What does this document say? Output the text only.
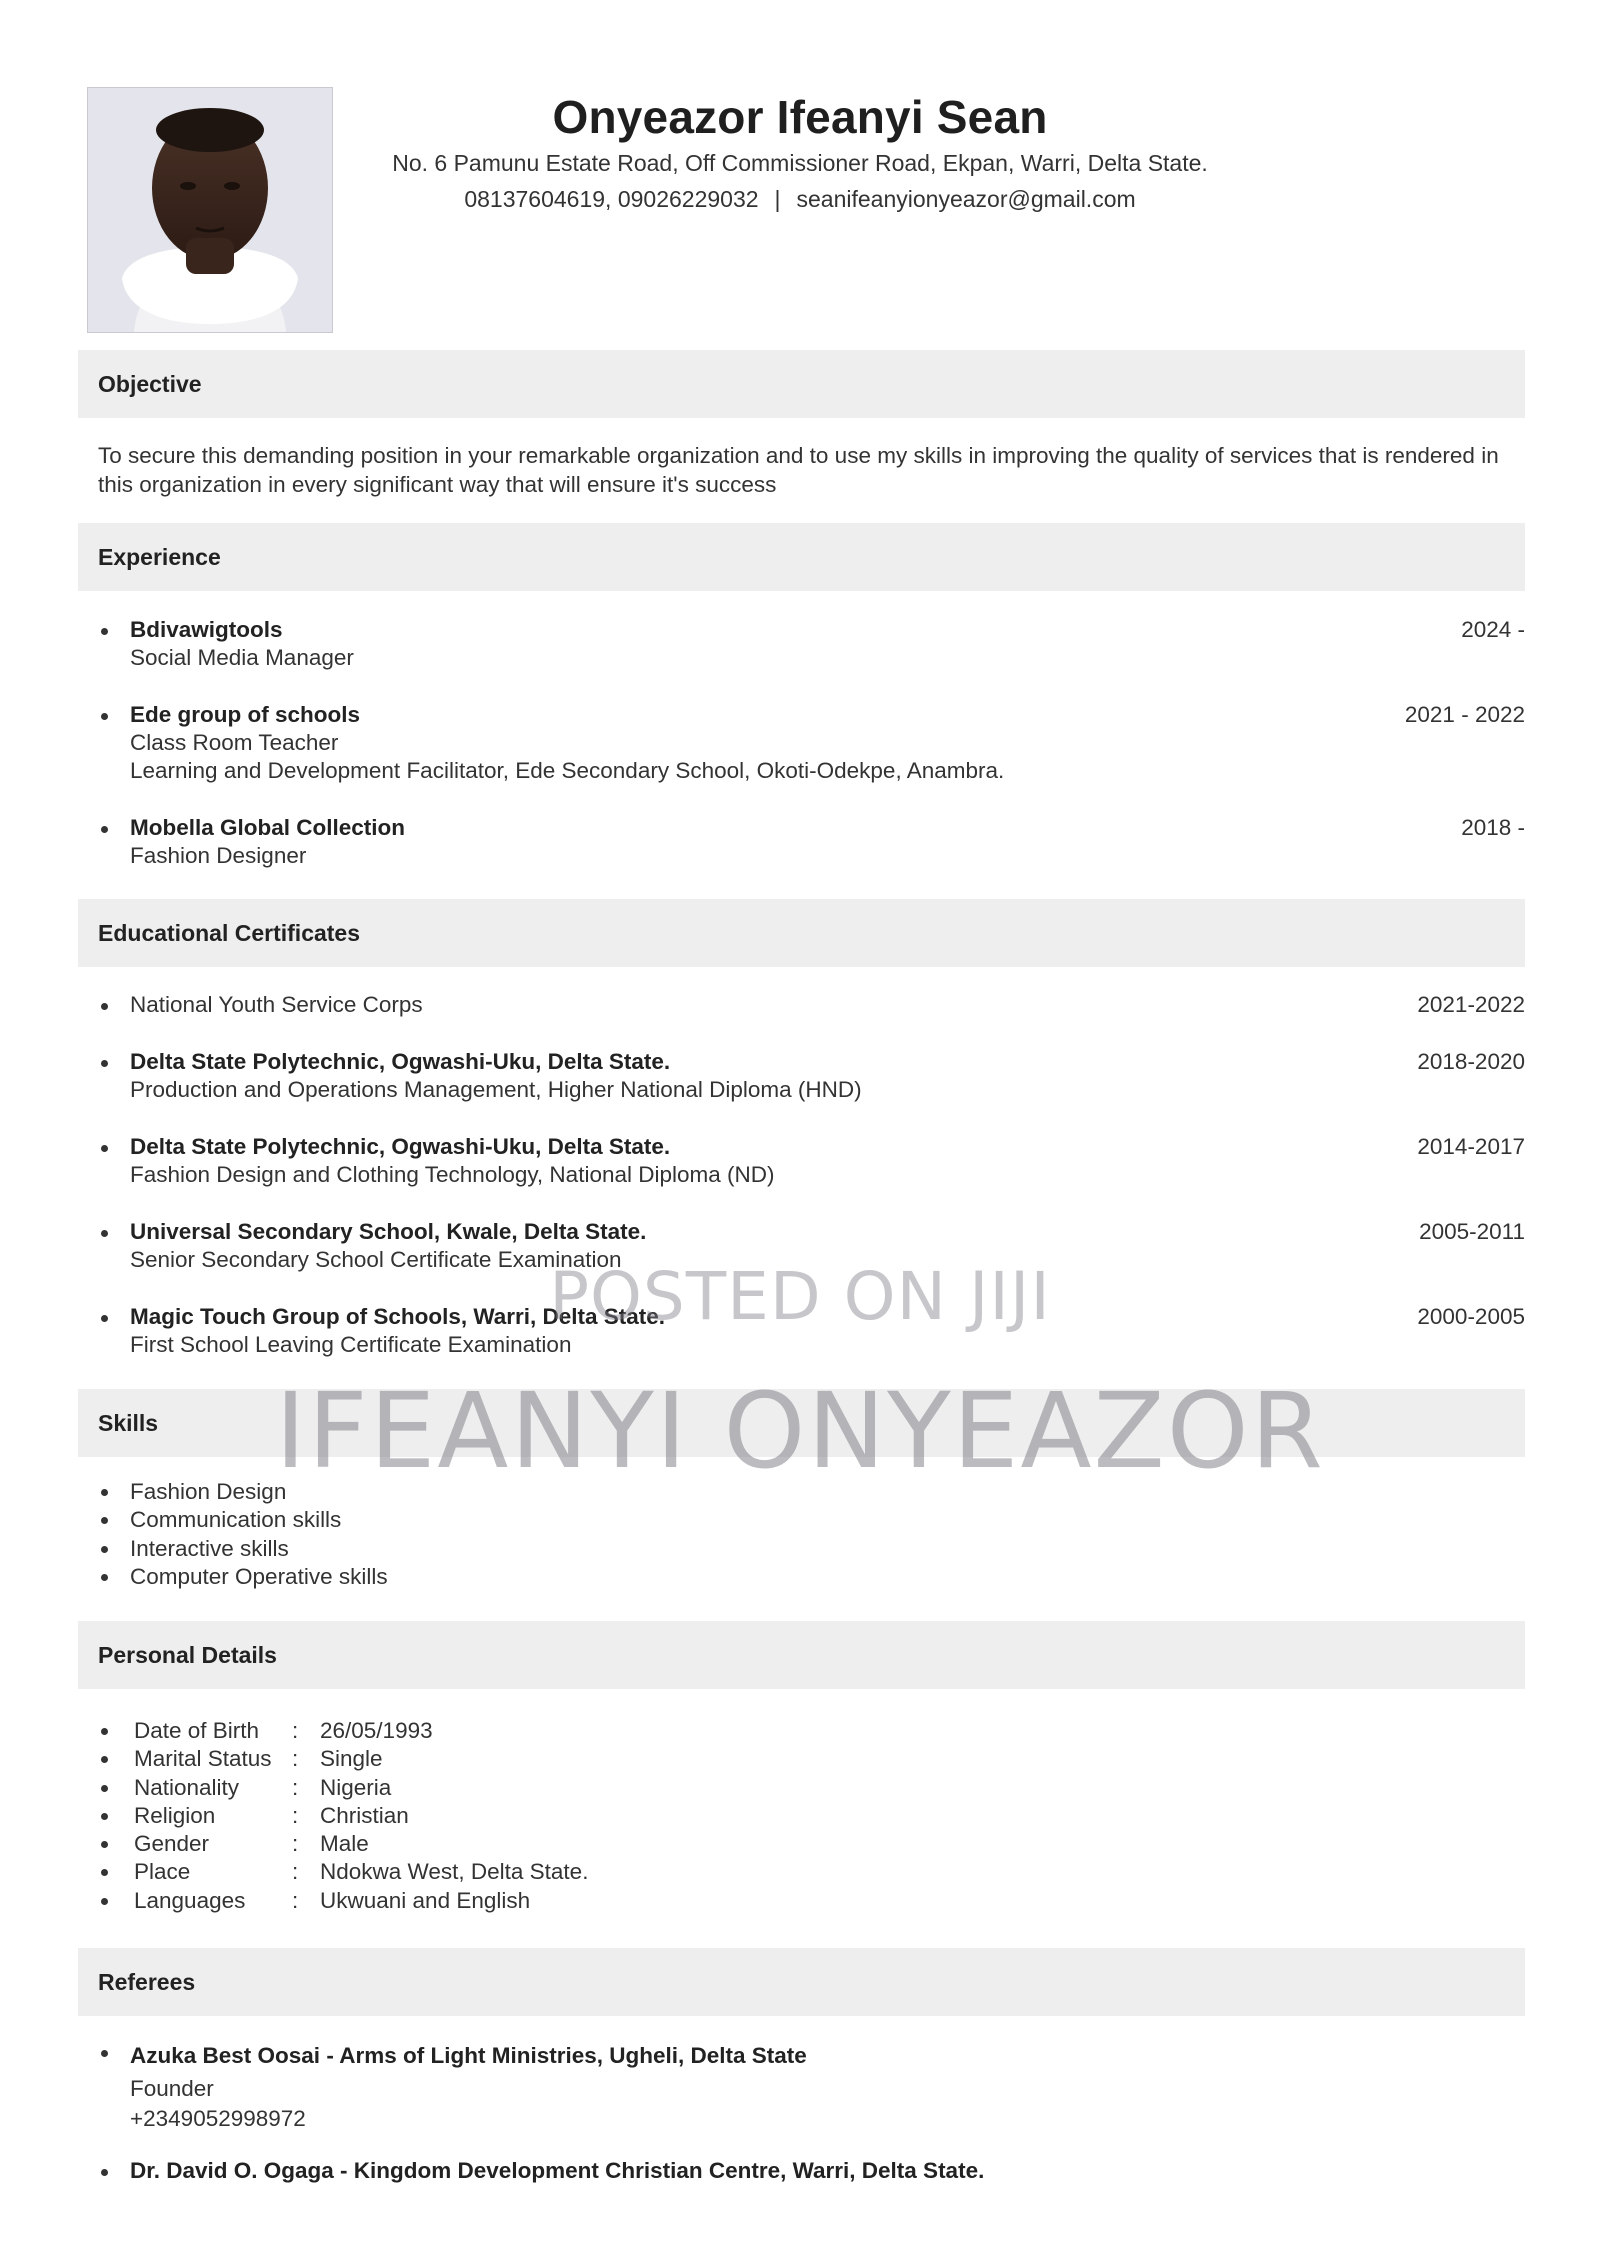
Onyeazor Ifeanyi Sean
No. 6 Pamunu Estate Road, Off Commissioner Road, Ekpan, Warri, Delta State.
08137604619, 09026229032 | seanifeanyionyeazor@gmail.com
Objective
To secure this demanding position in your remarkable organization and to use my skills in improving the quality of services that is rendered in this organization in every significant way that will ensure it's success
Experience
Bdivawigtools
Social Media Manager
2024 -
Ede group of schools
Class Room Teacher
Learning and Development Facilitator, Ede Secondary School, Okoti-Odekpe, Anambra.
2021 - 2022
Mobella Global Collection
Fashion Designer
2018 -
Educational Certificates
National Youth Service Corps	2021-2022
Delta State Polytechnic, Ogwashi-Uku, Delta State.
Production and Operations Management, Higher National Diploma (HND)
2018-2020
Delta State Polytechnic, Ogwashi-Uku, Delta State.
Fashion Design and Clothing Technology, National Diploma (ND)
2014-2017
Universal Secondary School, Kwale, Delta State.
Senior Secondary School Certificate Examination
2005-2011
Magic Touch Group of Schools, Warri, Delta State.
First School Leaving Certificate Examination
2000-2005
Skills
Fashion Design
Communication skills
Interactive skills
Computer Operative skills
Personal Details
Date of Birth : 26/05/1993
Marital Status : Single
Nationality : Nigeria
Religion	: Christian
Gender	: Male
Place	: Ndokwa West, Delta State.
Languages : Ukwuani and English
Referees
Azuka Best Oosai - Arms of Light Ministries, Ugheli, Delta State
Founder
+2349052998972
Dr. David O. Ogaga - Kingdom Development Christian Centre, Warri, Delta State.
POSTED ON JIJI
IFEANYI ONYEAZOR
